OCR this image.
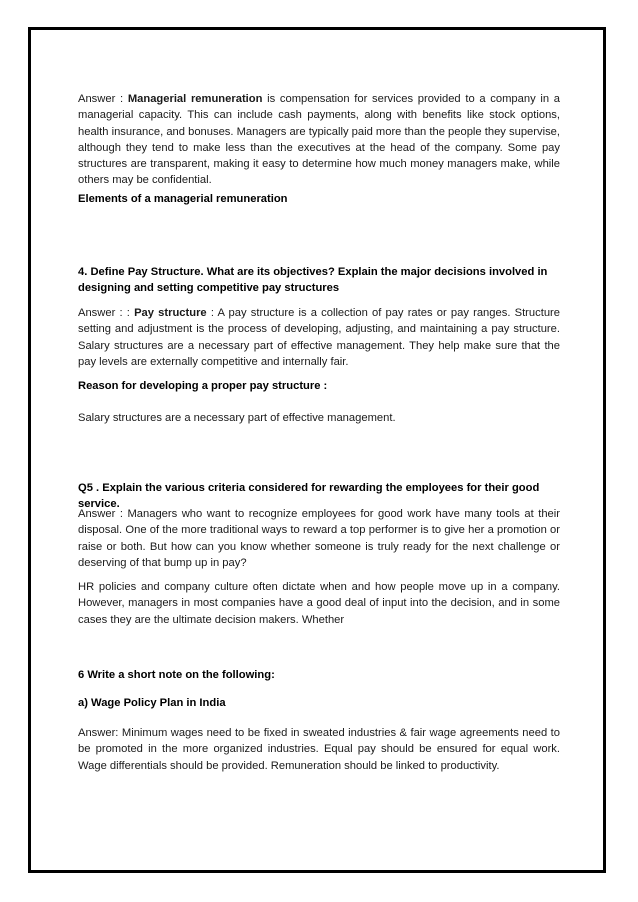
Answer : Managerial remuneration is compensation for services provided to a company in a managerial capacity. This can include cash payments, along with benefits like stock options, health insurance, and bonuses. Managers are typically paid more than the people they supervise, although they tend to make less than the executives at the head of the company. Some pay structures are transparent, making it easy to determine how much money managers make, while others may be confidential.

Elements of a managerial remuneration

4. Define Pay Structure. What are its objectives? Explain the major decisions involved in designing and setting competitive pay structures

Answer : : Pay structure : A pay structure is a collection of pay rates or pay ranges. Structure setting and adjustment is the process of developing, adjusting, and maintaining a pay structure. Salary structures are a necessary part of effective management. They help make sure that the pay levels are externally competitive and internally fair.

Reason for developing a proper pay structure :

Salary structures are a necessary part of effective management.

Q5 . Explain the various criteria considered for rewarding the employees for their good service.

Answer : Managers who want to recognize employees for good work have many tools at their disposal. One of the more traditional ways to reward a top performer is to give her a promotion or raise or both. But how can you know whether someone is truly ready for the next challenge or deserving of that bump up in pay?

HR policies and company culture often dictate when and how people move up in a company. However, managers in most companies have a good deal of input into the decision, and in some cases they are the ultimate decision makers. Whether

6 Write a short note on the following:

a) Wage Policy Plan in India

Answer: Minimum wages need to be fixed in sweated industries & fair wage agreements need to be promoted in the more organized industries. Equal pay should be ensured for equal work. Wage differentials should be provided. Remuneration should be linked to productivity.
